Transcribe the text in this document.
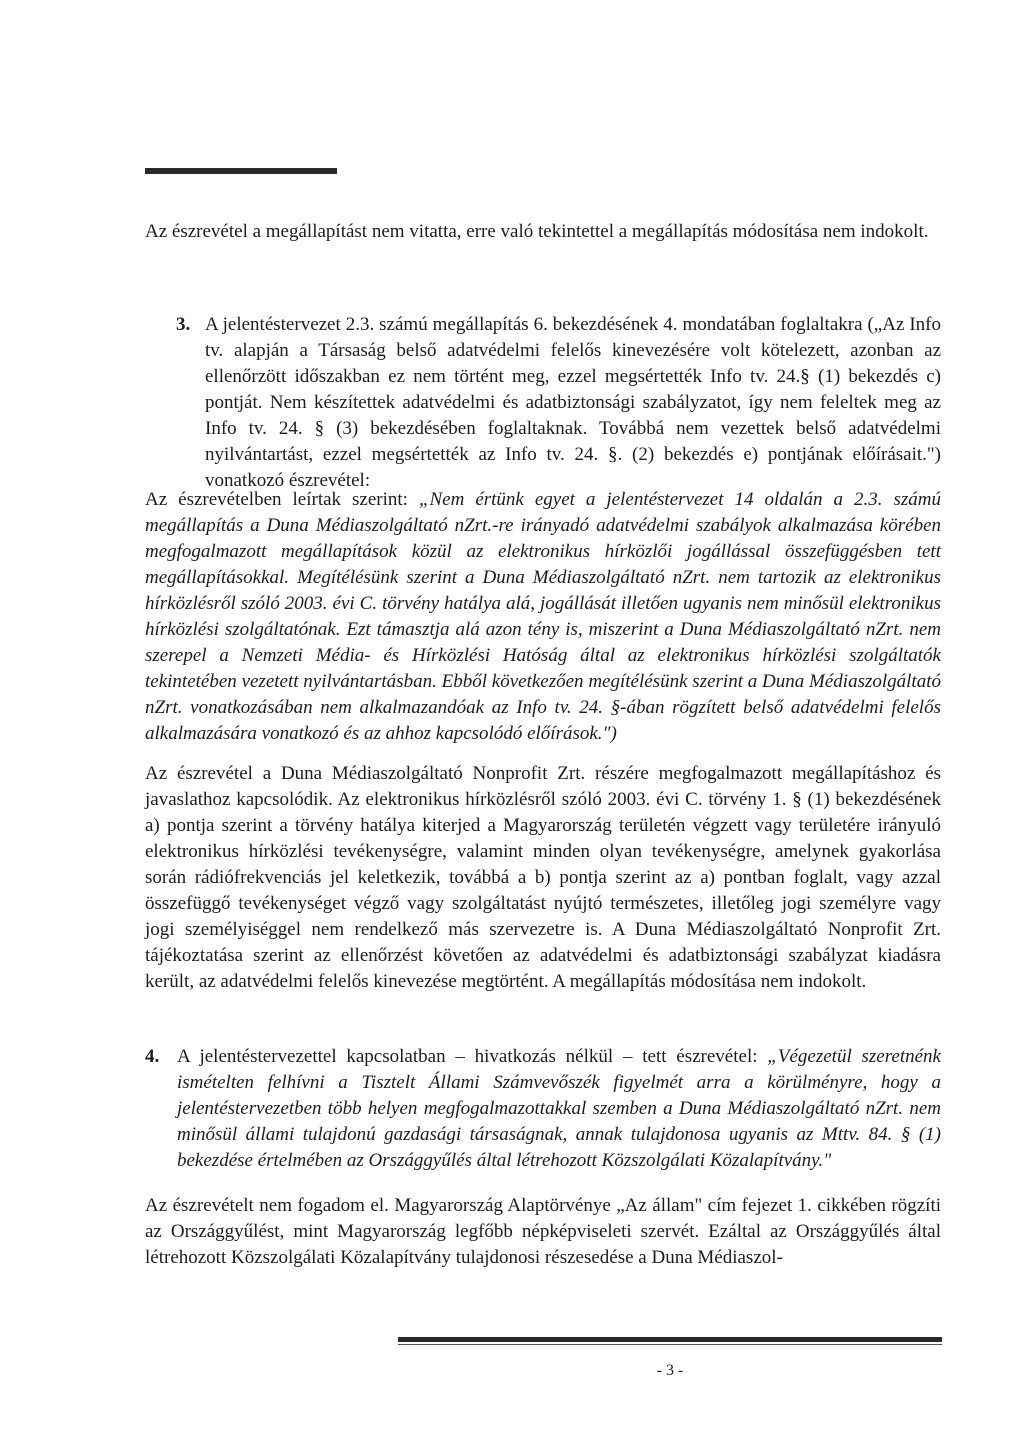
Az észrevétel a megállapítást nem vitatta, erre való tekintettel a megállapítás módosítása nem indokolt.

3. A jelentéstervezet 2.3. számú megállapítás 6. bekezdésének 4. mondatában foglaltakra („Az Info tv. alapján a Társaság belső adatvédelmi felelős kinevezésére volt kötelezett, azonban az ellenőrzött időszakban ez nem történt meg, ezzel megsértették Info tv. 24.§ (1) bekezdés c) pontját. Nem készítettek adatvédelmi és adatbiztonsági szabályzatot, így nem feleltek meg az Info tv. 24. § (3) bekezdésében foglaltaknak. Továbbá nem vezettek belső adatvédelmi nyilvántartást, ezzel megsértették az Info tv. 24. §. (2) bekezdés e) pontjának előírásait.") vonatkozó észrevétel:

Az észrevételben leírtak szerint: „Nem értünk egyet a jelentéstervezet 14 oldalán a 2.3. számú megállapítás a Duna Médiaszolgáltató nZrt.-re irányadó adatvédelmi szabályok alkalmazása körében megfogalmazott megállapítások közül az elektronikus hírközlői jogállással összefüggésben tett megállapításokkal. Megítélésünk szerint a Duna Médiaszolgáltató nZrt. nem tartozik az elektronikus hírközlésről szóló 2003. évi C. törvény hatálya alá, jogállását illetően ugyanis nem minősül elektronikus hírközlési szolgáltatónak. Ezt támasztja alá azon tény is, miszerint a Duna Médiaszolgáltató nZrt. nem szerepel a Nemzeti Média- és Hírközlési Hatóság által az elektronikus hírközlési szolgáltatók tekintetében vezetett nyilvántartásban. Ebből következően megítélésünk szerint a Duna Médiaszolgáltató nZrt. vonatkozásában nem alkalmazandóak az Info tv. 24. §-ában rögzített belső adatvédelmi felelős alkalmazására vonatkozó és az ahhoz kapcsolódó előírások.")

Az észrevétel a Duna Médiaszolgáltató Nonprofit Zrt. részére megfogalmazott megállapításhoz és javaslathoz kapcsolódik. Az elektronikus hírközlésről szóló 2003. évi C. törvény 1. § (1) bekezdésének a) pontja szerint a törvény hatálya kiterjed a Magyarország területén végzett vagy területére irányuló elektronikus hírközlési tevékenységre, valamint minden olyan tevékenységre, amelynek gyakorlása során rádiófrekvenciás jel keletkezik, továbbá a b) pontja szerint az a) pontban foglalt, vagy azzal összefüggő tevékenységet végző vagy szolgáltatást nyújtó természetes, illetőleg jogi személyre vagy jogi személyiséggel nem rendelkező más szervezetre is. A Duna Médiaszolgáltató Nonprofit Zrt. tájékoztatása szerint az ellenőrzést követően az adatvédelmi és adatbiztonsági szabályzat kiadásra került, az adatvédelmi felelős kinevezése megtörtént. A megállapítás módosítása nem indokolt.

4. A jelentéstervezettel kapcsolatban – hivatkozás nélkül – tett észrevétel: „Végezetül szeretnénk ismételten felhívni a Tisztelt Állami Számvevőszék figyelmét arra a körülményre, hogy a jelentéstervezetben több helyen megfogalmazottakkal szemben a Duna Médiaszolgáltató nZrt. nem minősül állami tulajdonú gazdasági társaságnak, annak tulajdonosa ugyanis az Mttv. 84. § (1) bekezdése értelmében az Országgyűlés által létrehozott Közszolgálati Közalapítvány."

Az észrevételt nem fogadom el. Magyarország Alaptörvénye „Az állam" cím fejezet 1. cikkében rögzíti az Országgyűlést, mint Magyarország legfőbb népképviseleti szervét. Ezáltal az Országgyűlés által létrehozott Közszolgálati Közalapítvány tulajdonosi részesedése a Duna Médiaszol-

- 3 -
